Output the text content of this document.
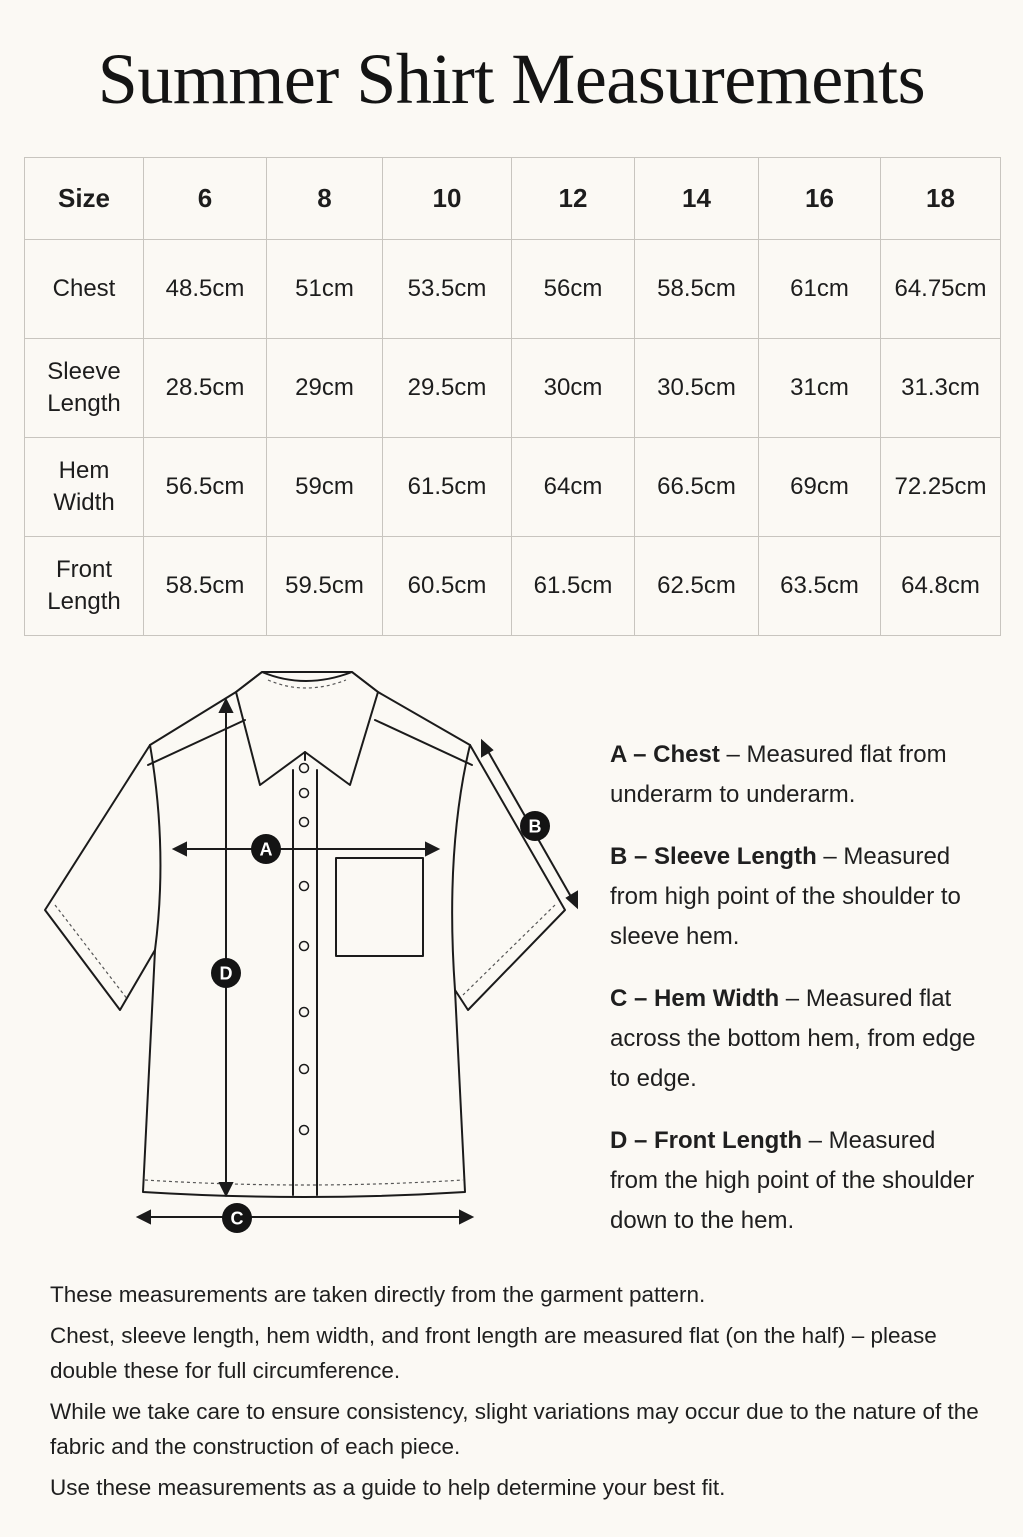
Summer Shirt Measurements
Size	6	8	10	12	14	16	18
Chest	48.5cm	51cm	53.5cm	56cm	58.5cm	61cm	64.75cm
Sleeve Length	28.5cm	29cm	29.5cm	30cm	30.5cm	31cm	31.3cm
Hem Width	56.5cm	59cm	61.5cm	64cm	66.5cm	69cm	72.25cm
Front Length	58.5cm	59.5cm	60.5cm	61.5cm	62.5cm	63.5cm	64.8cm
A
B
C
D

A – Chest – Measured flat from underarm to underarm.

B – Sleeve Length – Measured from high point of the shoulder to sleeve hem.

C – Hem Width – Measured flat across the bottom hem, from edge to edge.

D – Front Length – Measured from the high point of the shoulder down to the hem.

These measurements are taken directly from the garment pattern.

Chest, sleeve length, hem width, and front length are measured flat (on the half) – please double these for full circumference.

While we take care to ensure consistency, slight variations may occur due to the nature of the fabric and the construction of each piece.

Use these measurements as a guide to help determine your best fit.
